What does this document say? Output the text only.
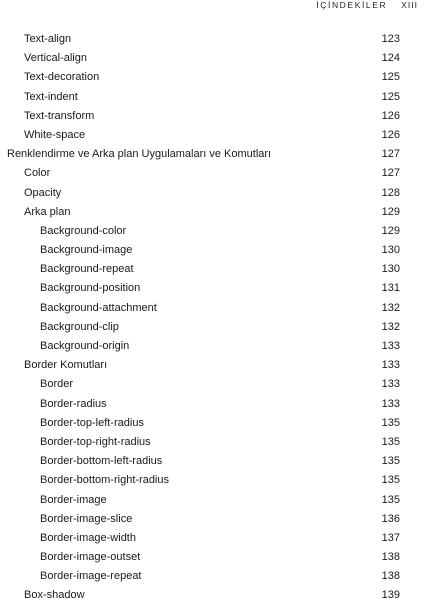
İÇİNDEKİLER XIII
Text-align	123
Vertical-align	124
Text-decoration	125
Text-indent	125
Text-transform	126
White-space	126
Renklendirme ve Arka plan Uygulamaları ve Komutları	127
Color	127
Opacity	128
Arka plan	129
Background-color	129
Background-image	130
Background-repeat	130
Background-position	131
Background-attachment	132
Background-clip	132
Background-origin	133
Border Komutları	133
Border	133
Border-radius	133
Border-top-left-radius	135
Border-top-right-radius	135
Border-bottom-left-radius	135
Border-bottom-right-radius	135
Border-image	135
Border-image-slice	136
Border-image-width	137
Border-image-outset	138
Border-image-repeat	138
Box-shadow	139
